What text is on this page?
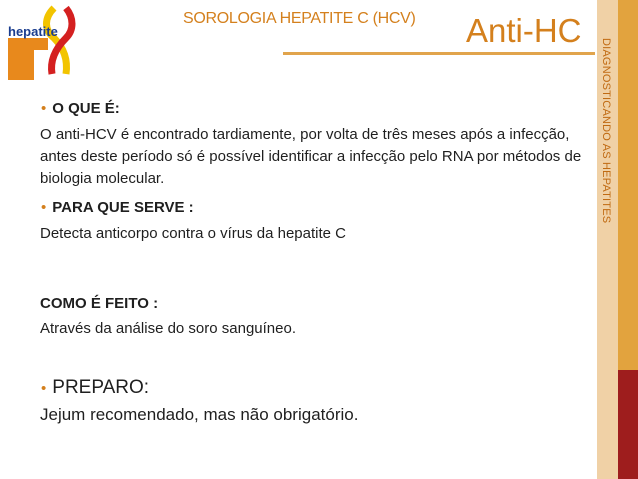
hepatite
SOROLOGIA HEPATITE C (HCV) Anti-HC
DIAGNOSTICANDO AS HEPATITES
• O QUE É:
O anti-HCV é encontrado tardiamente, por volta de três meses após a infecção, antes deste período só é possível identificar a infecção pelo RNA por métodos de biologia molecular.
• PARA QUE SERVE :
Detecta anticorpo contra o vírus da hepatite C
COMO É FEITO :
Através da análise do soro sanguíneo.
• PREPARO:
Jejum recomendado, mas não obrigatório.
